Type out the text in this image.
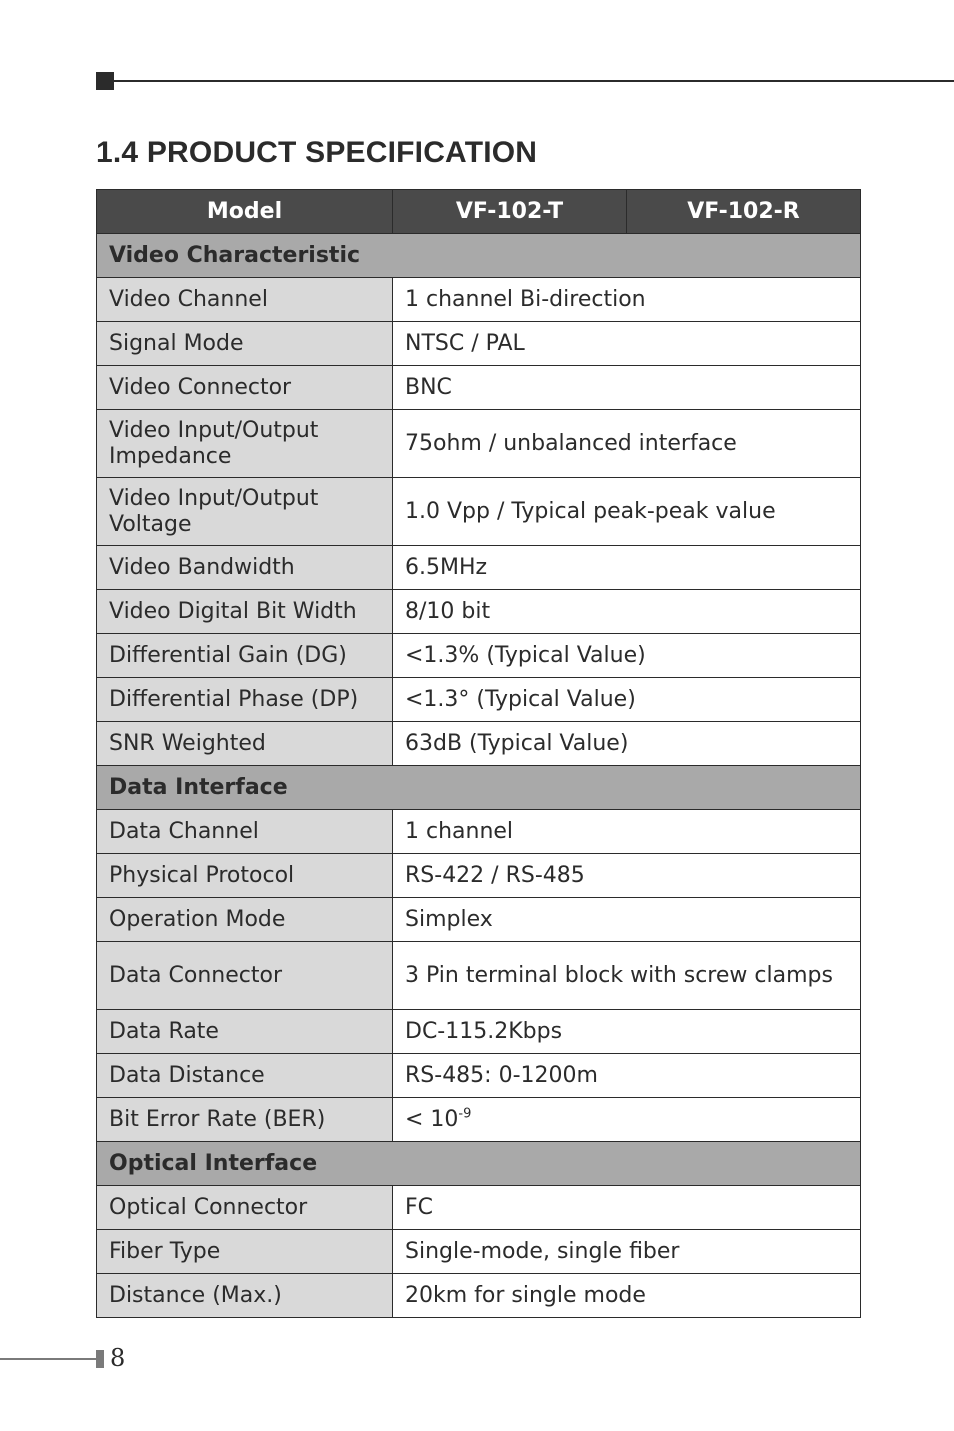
1.4 PRODUCT SPECIFICATION
Model	VF-102-T	VF-102-R
Video Characteristic		
Video Channel	1 channel Bi-direction	
Signal Mode	NTSC / PAL	
Video Connector	BNC	
Video Input/Output Impedance	75ohm / unbalanced interface	
Video Input/Output Voltage	1.0 Vpp / Typical peak-peak value	
Video Bandwidth	6.5MHz	
Video Digital Bit Width	8/10 bit	
Differential Gain (DG)	<1.3% (Typical Value)	
Differential Phase (DP)	<1.3° (Typical Value)	
SNR Weighted	63dB (Typical Value)	
Data Interface		
Data Channel	1 channel	
Physical Protocol	RS-422 / RS-485	
Operation Mode	Simplex	
Data Connector	3 Pin terminal block with screw clamps	
Data Rate	DC-115.2Kbps	
Data Distance	RS-485: 0-1200m	
Bit Error Rate (BER)	< $10^{-9}$
Optical Interface		
Optical Connector	FC	
Fiber Type	Single-mode, single fiber	
Distance (Max.)	20km for single mode	
8
